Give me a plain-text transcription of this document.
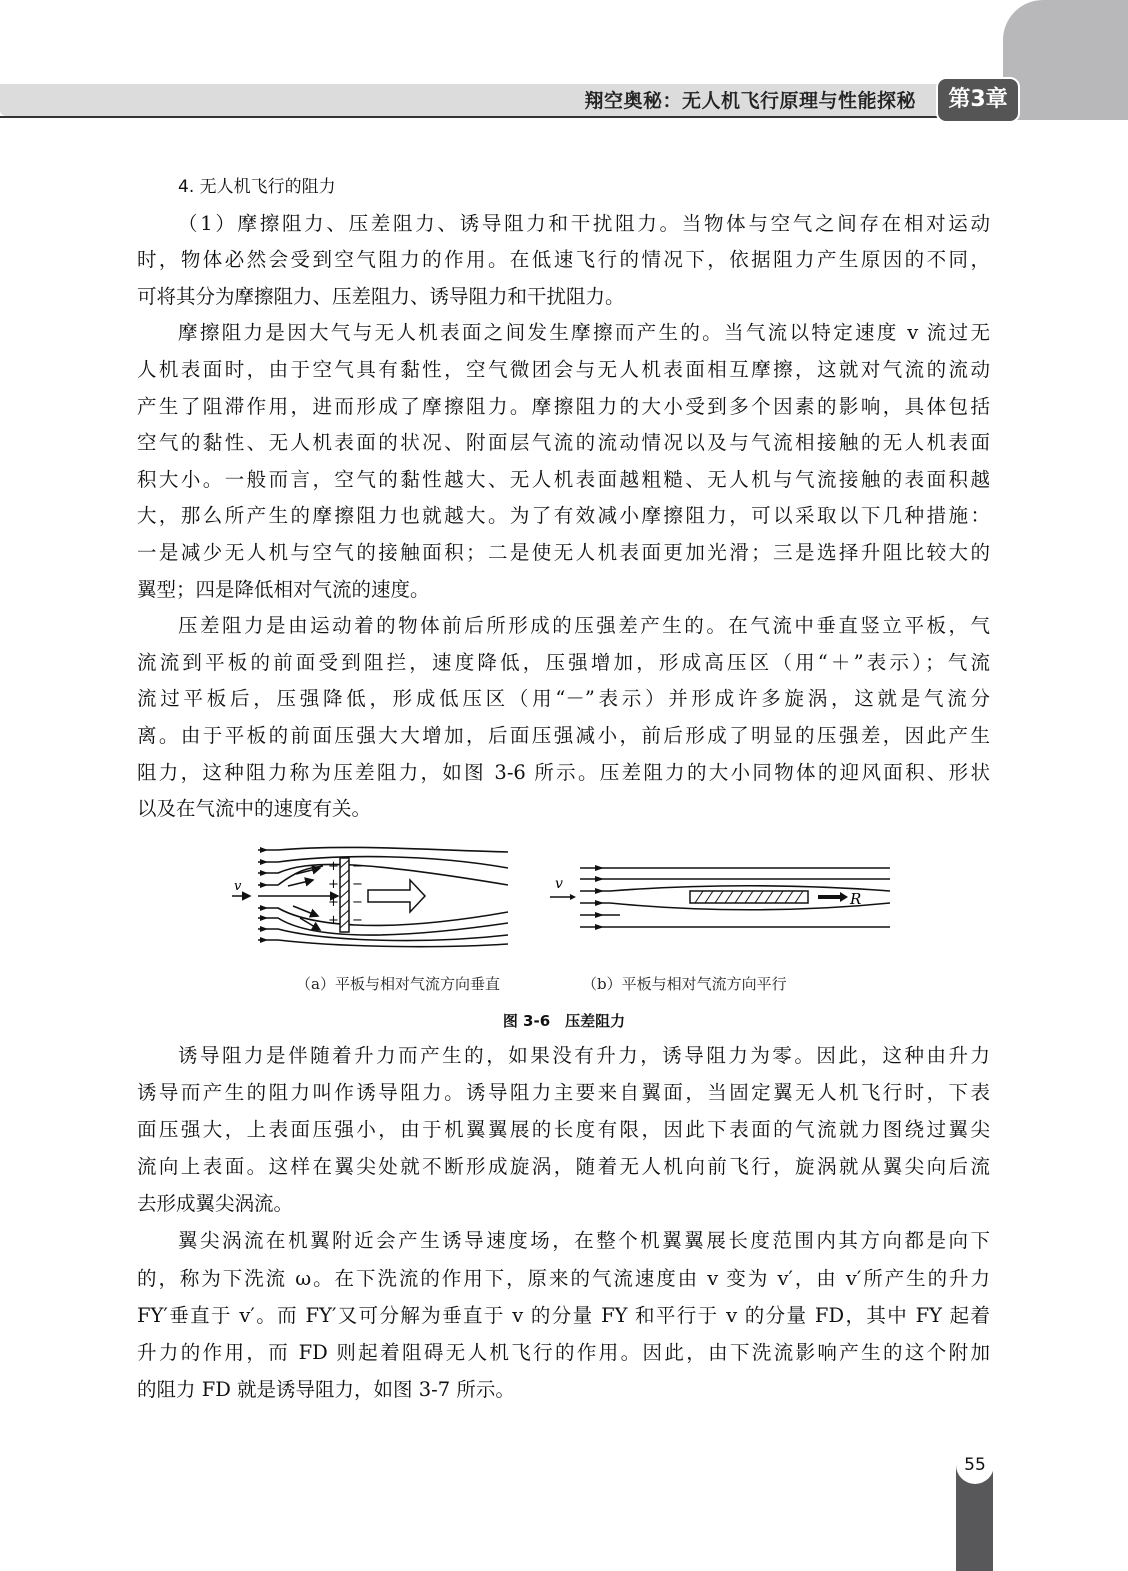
翔空奥秘：无人机飞行原理与性能探秘	第3章
4. 无人机飞行的阻力
（1）摩擦阻力、压差阻力、诱导阻力和干扰阻力。当物体与空气之间存在相对运动
时，物体必然会受到空气阻力的作用。在低速飞行的情况下，依据阻力产生原因的不同，
可将其分为摩擦阻力、压差阻力、诱导阻力和干扰阻力。
摩擦阻力是因大气与无人机表面之间发生摩擦而产生的。当气流以特定速度 v 流过无
人机表面时，由于空气具有黏性，空气微团会与无人机表面相互摩擦，这就对气流的流动
产生了阻滞作用，进而形成了摩擦阻力。摩擦阻力的大小受到多个因素的影响，具体包括
空气的黏性、无人机表面的状况、附面层气流的流动情况以及与气流相接触的无人机表面
积大小。一般而言，空气的黏性越大、无人机表面越粗糙、无人机与气流接触的表面积越
大，那么所产生的摩擦阻力也就越大。为了有效减小摩擦阻力，可以采取以下几种措施：
一是减少无人机与空气的接触面积；二是使无人机表面更加光滑；三是选择升阻比较大的
翼型；四是降低相对气流的速度。
压差阻力是由运动着的物体前后所形成的压强差产生的。在气流中垂直竖立平板，气
流流到平板的前面受到阻拦，速度降低，压强增加，形成高压区（用“＋”表示）；气流
流过平板后，压强降低，形成低压区（用“－”表示）并形成许多旋涡，这就是气流分
离。由于平板的前面压强大大增加，后面压强减小，前后形成了明显的压强差，因此产生
阻力，这种阻力称为压差阻力，如图 3-6 所示。压差阻力的大小同物体的迎风面积、形状
以及在气流中的速度有关。
v
+
+
+
+
−
−
−
−
v
R
（a）平板与相对气流方向垂直	（b）平板与相对气流方向平行
图 3-6　压差阻力
诱导阻力是伴随着升力而产生的，如果没有升力，诱导阻力为零。因此，这种由升力
诱导而产生的阻力叫作诱导阻力。诱导阻力主要来自翼面，当固定翼无人机飞行时，下表
面压强大，上表面压强小，由于机翼翼展的长度有限，因此下表面的气流就力图绕过翼尖
流向上表面。这样在翼尖处就不断形成旋涡，随着无人机向前飞行，旋涡就从翼尖向后流
去形成翼尖涡流。
翼尖涡流在机翼附近会产生诱导速度场，在整个机翼翼展长度范围内其方向都是向下
的，称为下洗流 ω。在下洗流的作用下，原来的气流速度由 v 变为 v′，由 v′所产生的升力
FY′垂直于 v′。而 FY′又可分解为垂直于 v 的分量 FY 和平行于 v 的分量 FD，其中 FY 起着
升力的作用，而 FD 则起着阻碍无人机飞行的作用。因此，由下洗流影响产生的这个附加
的阻力 FD 就是诱导阻力，如图 3-7 所示。
55
